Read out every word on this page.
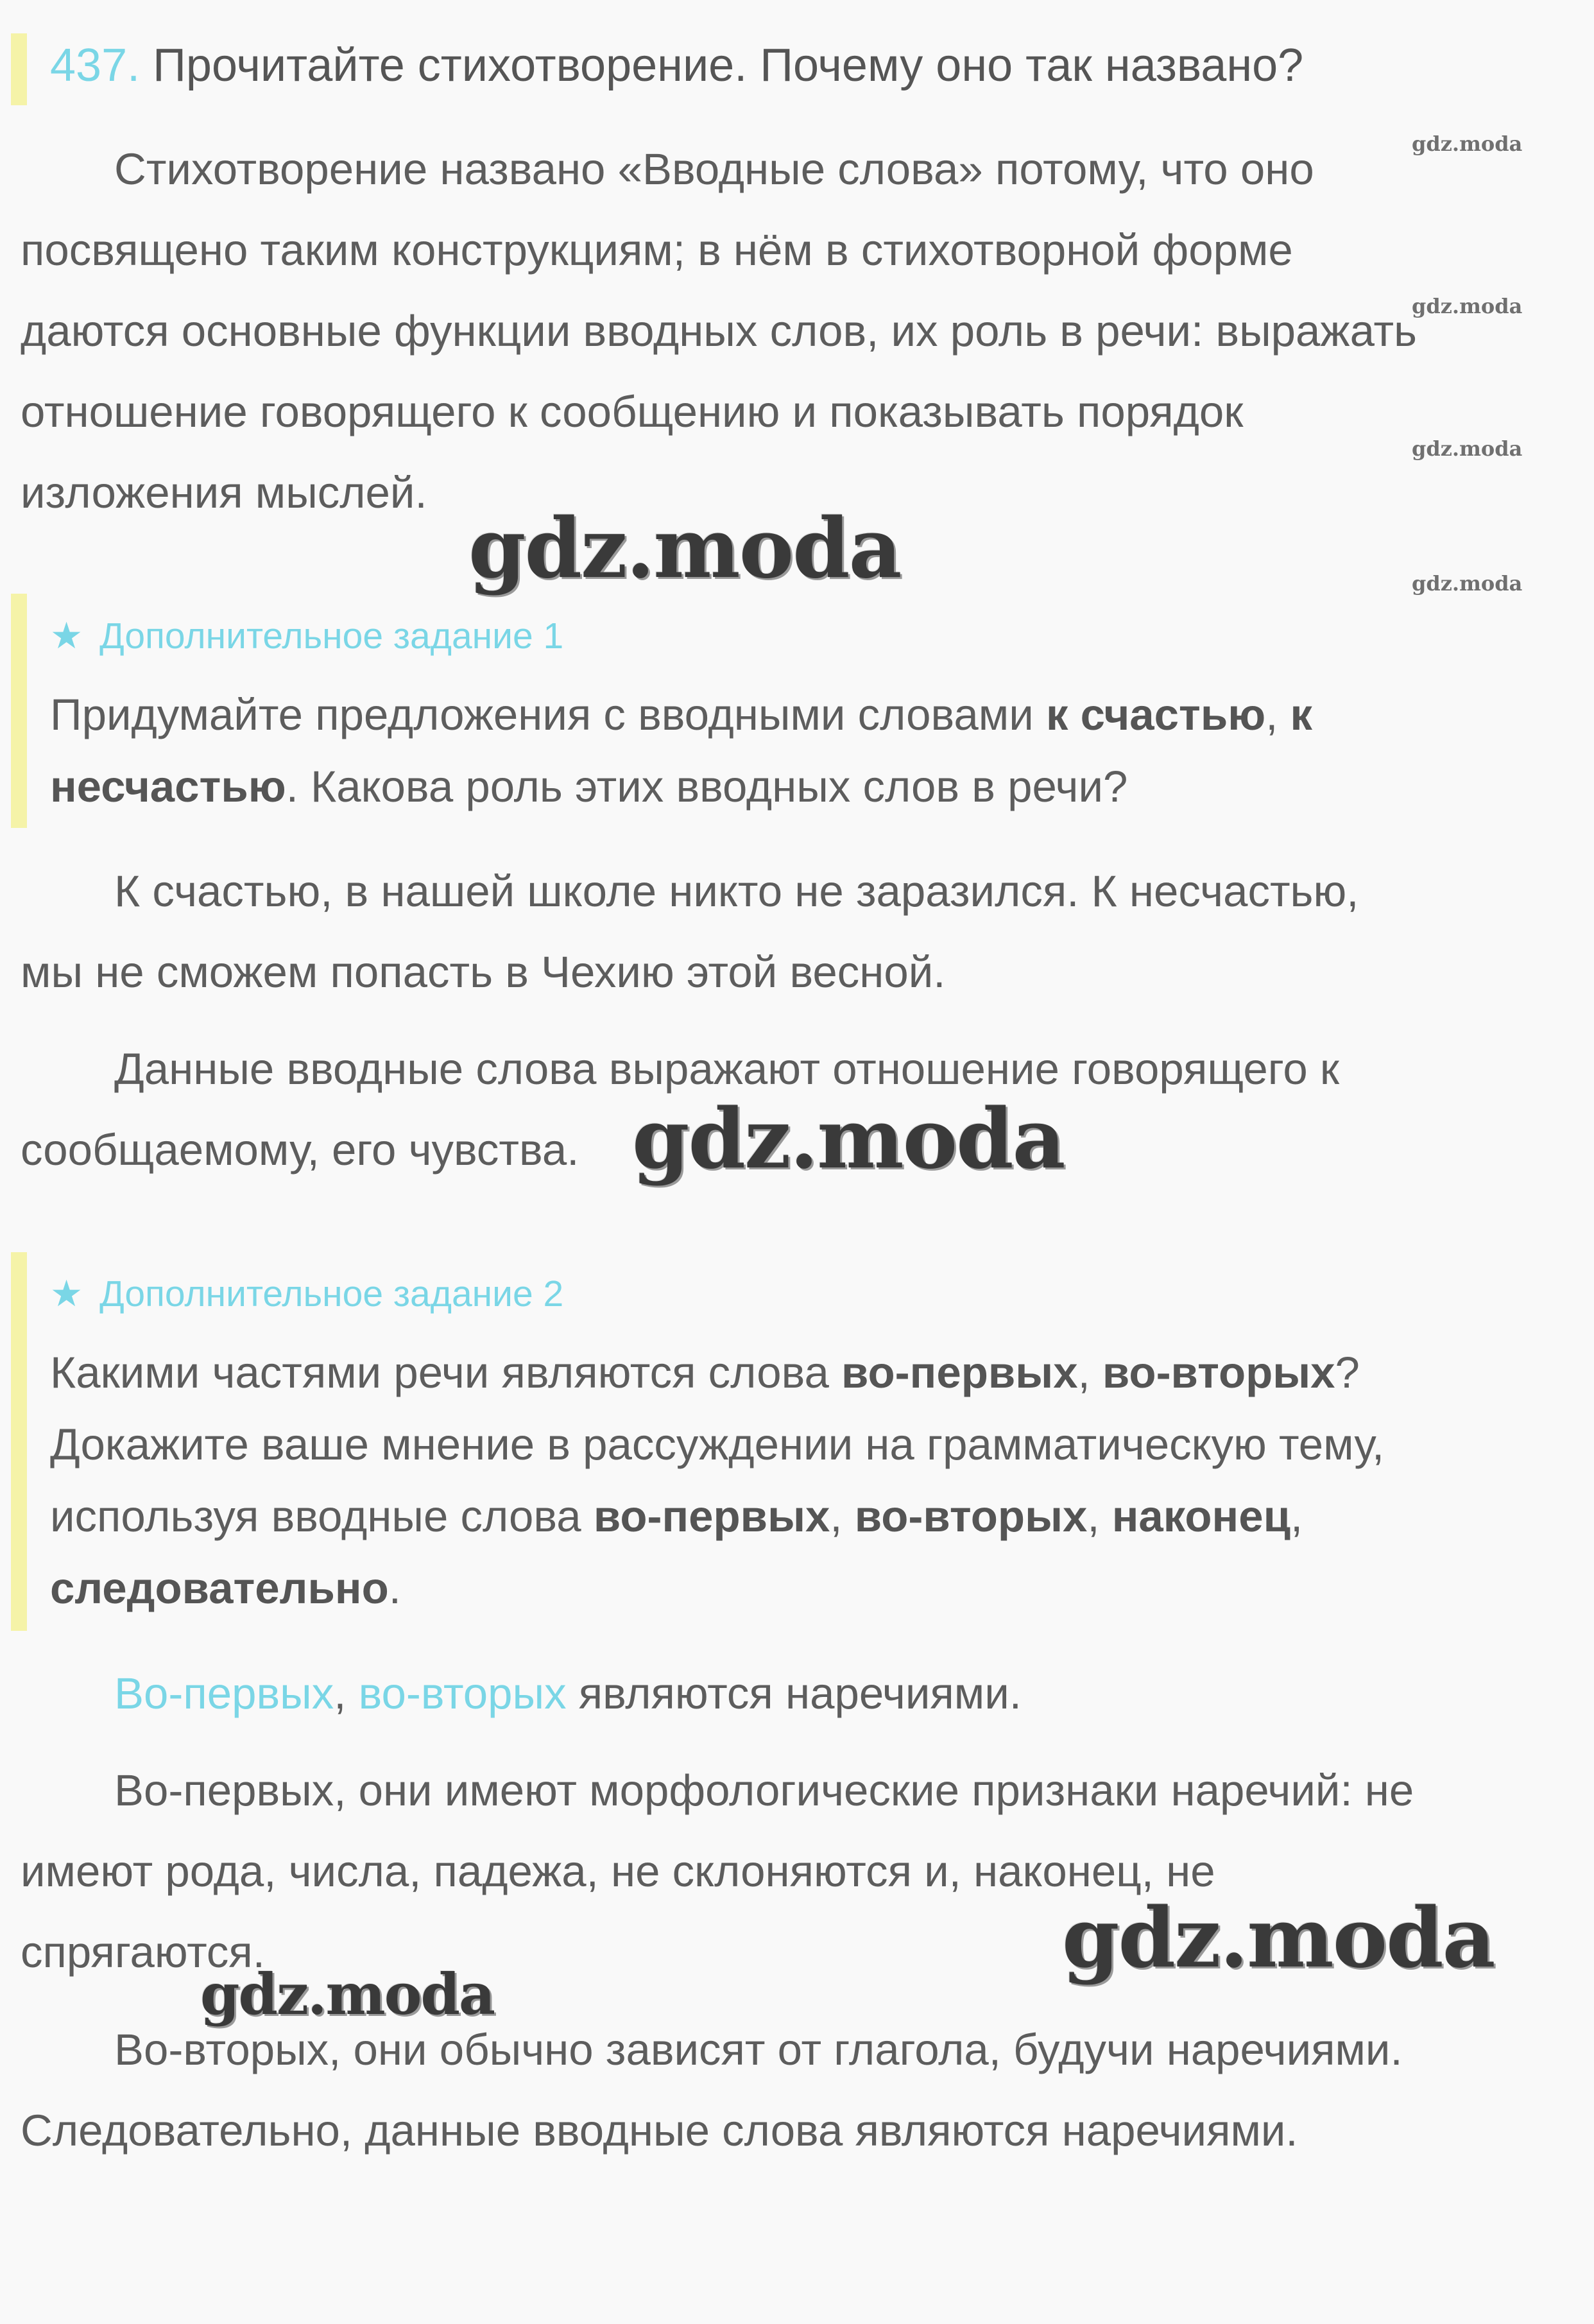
437. Прочитайте стихотворение. Почему оно так названо?
Стихотворение названо «Вводные слова» потому, что оно
посвящено таким конструкциям; в нём в стихотворной форме
даются основные функции вводных слов, их роль в речи: выражать
отношение говорящего к сообщению и показывать порядок
изложения мыслей.
★ Дополнительное задание 1
Придумайте предложения с вводными словами к счастью, к
несчастью. Какова роль этих вводных слов в речи?
К счастью, в нашей школе никто не заразился. К несчастью,
мы не сможем попасть в Чехию этой весной.
Данные вводные слова выражают отношение говорящего к
сообщаемому, его чувства.
★ Дополнительное задание 2
Какими частями речи являются слова во-первых, во-вторых?
Докажите ваше мнение в рассуждении на грамматическую тему,
используя вводные слова во-первых, во-вторых, наконец,
следовательно.
Во-первых, во-вторых являются наречиями.
Во-первых, они имеют морфологические признаки наречий: не
имеют рода, числа, падежа, не склоняются и, наконец, не
спрягаются.
Во-вторых, они обычно зависят от глагола, будучи наречиями.
Следовательно, данные вводные слова являются наречиями.
gdz.moda
gdz.moda
gdz.moda
gdz.moda
gdz.moda
gdz.moda
gdz.moda
gdz.moda
